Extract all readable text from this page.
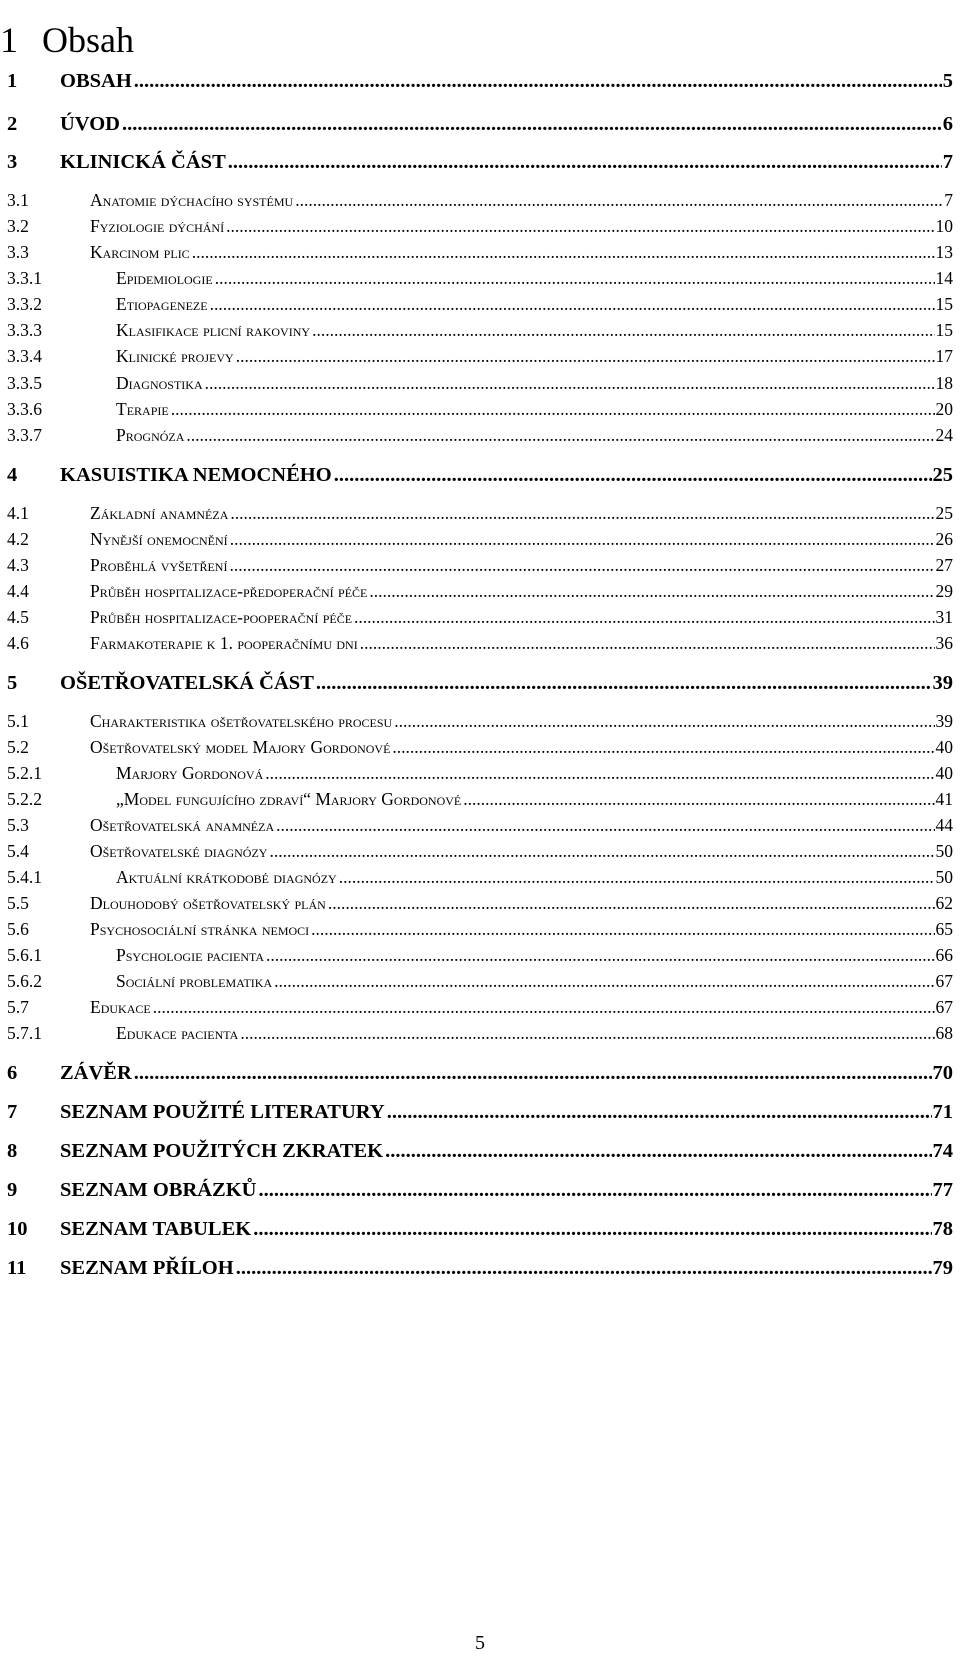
1 Obsah
1 OBSAH .....	5
2 ÚVOD .....	6
3 KLINICKÁ ČÁST .....	7
3.1	Anatomie dýchacího systému .....	7
3.2	Fyziologie dýchání .....	10
3.3	Karcinom plic .....	13
3.3.1	Epidemiologie .....	14
3.3.2	Etiopageneze .....	15
3.3.3	Klasifikace plicní rakoviny .....	15
3.3.4	Klinické projevy .....	17
3.3.5	Diagnostika .....	18
3.3.6	Terapie .....	20
3.3.7	Prognóza .....	24
4 KASUISTIKA NEMOCNÉHO .....	25
4.1	Základní anamnéza .....	25
4.2	Nynější onemocnění .....	26
4.3	Proběhlá vyšetření .....	27
4.4	Průběh hospitalizace-předoperační péče .....	29
4.5	Průběh hospitalizace-pooperační péče .....	31
4.6	Farmakoterapie k 1. pooperačnímu dni .....	36
5 OŠETŘOVATELSKÁ ČÁST .....	39
5.1	Charakteristika ošetřovatelského procesu .....	39
5.2	Ošetřovatelský model Majory Gordonové .....	40
5.2.1	Marjory Gordonová .....	40
5.2.2	„Model fungujícího zdraví“ Marjory Gordonové .....	41
5.3	Ošetřovatelská anamnéza .....	44
5.4	Ošetřovatelské diagnózy .....	50
5.4.1	Aktuální krátkodobé diagnózy .....	50
5.5	Dlouhodobý ošetřovatelský plán .....	62
5.6	Psychosociální stránka nemoci .....	65
5.6.1	Psychologie pacienta .....	66
5.6.2	Sociální problematika .....	67
5.7	Edukace .....	67
5.7.1	Edukace pacienta .....	68
6 ZÁVĚR .....	70
7 SEZNAM POUŽITÉ LITERATURY .....	71
8 SEZNAM POUŽITÝCH ZKRATEK .....	74
9 SEZNAM OBRÁZKŮ .....	77
10 SEZNAM TABULEK .....	78
11 SEZNAM PŘÍLOH .....	79
5
